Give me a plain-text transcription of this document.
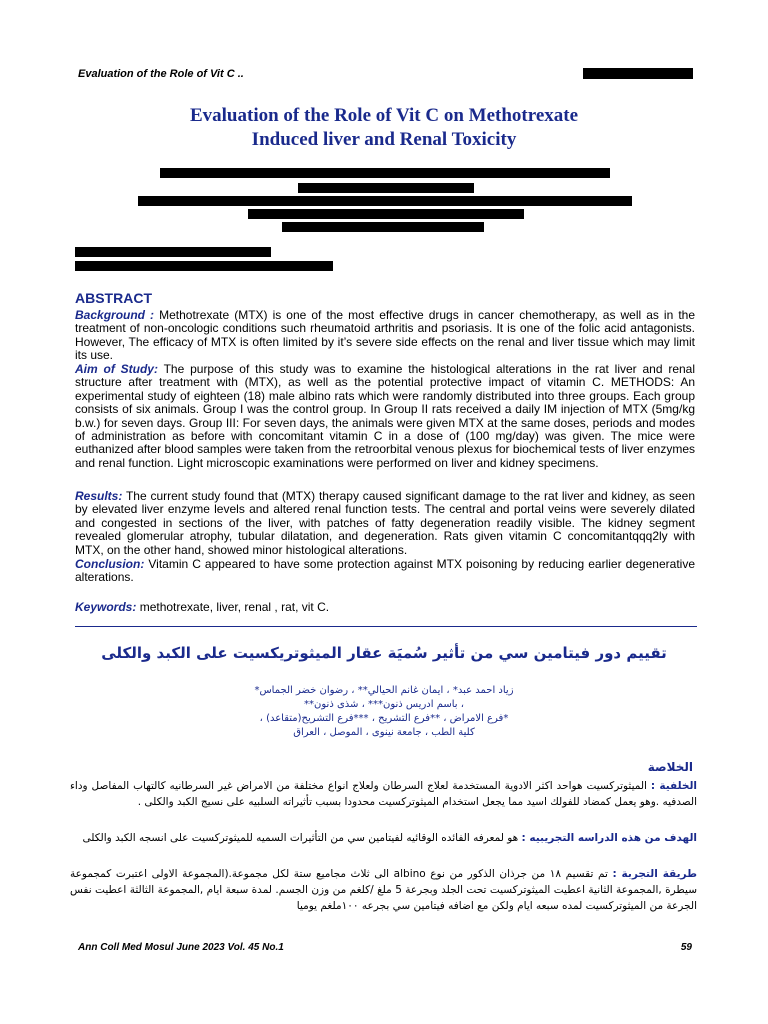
Evaluation of the Role of Vit C ..
Evaluation of the Role of Vit C on Methotrexate
Induced liver and Renal Toxicity
ABSTRACT
Background : Methotrexate (MTX) is one of the most effective drugs in cancer chemotherapy, as well as in the treatment of non-oncologic conditions such rheumatoid arthritis and psoriasis. It is one of the folic acid antagonists. However, The efficacy of MTX is often limited by it’s severe side effects on the renal and liver tissue which may limit its use.
Aim of Study: The purpose of this study was to examine the histological alterations in the rat liver and renal structure after treatment with (MTX), as well as the potential protective impact of vitamin C. METHODS: An experimental study of eighteen (18) male albino rats which were randomly distributed into three groups. Each group consists of six animals. Group I was the control group. In Group II rats received a daily IM injection of MTX (5mg/kg b.w.) for seven days. Group III: For seven days, the animals were given MTX at the same doses, periods and modes of administration as before with concomitant vitamin C in a dose of (100 mg/day) was given. The mice were euthanized after blood samples were taken from the retroorbital venous plexus for biochemical tests of liver enzymes and renal function. Light microscopic examinations were performed on liver and kidney specimens.
Results: The current study found that (MTX) therapy caused significant damage to the rat liver and kidney, as seen by elevated liver enzyme levels and altered renal function tests. The central and portal veins were severely dilated and congested in sections of the liver, with patches of fatty degeneration readily visible. The kidney segment revealed glomerular atrophy, tubular dilatation, and degeneration. Rats given vitamin C concomitantqqq2ly with MTX, on the other hand, showed minor histological alterations.
Conclusion: Vitamin C appeared to have some protection against MTX poisoning by reducing earlier degenerative alterations.
Keywords: methotrexate, liver, renal , rat, vit C.
تقييم دور فيتامين سي من تأثير سُميَة عقار الميثوتريكسيت على الكبد والكلى
زياد احمد عبد* ، ايمان غانم الحيالي** ، رضوان خضر الجماس*
، باسم ادريس ذنون*** ، شذى ذنون**
*فرع الامراض ، **فرع التشريح ، ***فرع التشريح(متقاعد) ،
كلية الطب ، جامعة نينوى ، الموصل ، العراق
الخلاصة
الخلفية : الميثوتركسيت هواحد اكثر الادوية المستخدمة لعلاج السرطان ولعلاج انواع مختلفة من الامراض غير السرطانيه كالتهاب المفاصل وداء الصدفيه .وهو يعمل كمضاد للفولك اسيد مما يجعل استخدام الميثوتركسيت محدودا بسبب تأثيراته السلبيه على نسيج الكبد والكلى .
الهدف من هذه الدراسه التجريبيه : هو لمعرفه الفائده الوقائيه لفيتامين سي من التأثيرات السميه للميثوتركسيت على انسجه الكبد والكلى
طريقة التجربة : تم تقسيم ١٨ من جرذان الذكور من نوع albino الى ثلاث مجاميع ستة لكل مجموعة.(المجموعة الاولى اعتبرت كمجموعة سيطرة ,المجموعة الثانية اعطيت الميثوتركسيت تحت الجلد وبجرعة 5 ملغ /كلغم من وزن الجسم. لمدة سبعة ايام ,المجموعة الثالثة اعطيت نفس الجرعة من الميثوتركسيت لمده سبعه ايام ولكن مع اضافه فيتامين سي بجرعه ١٠٠ملغم يوميا
Ann Coll Med Mosul June 2023 Vol. 45 No.1	59
